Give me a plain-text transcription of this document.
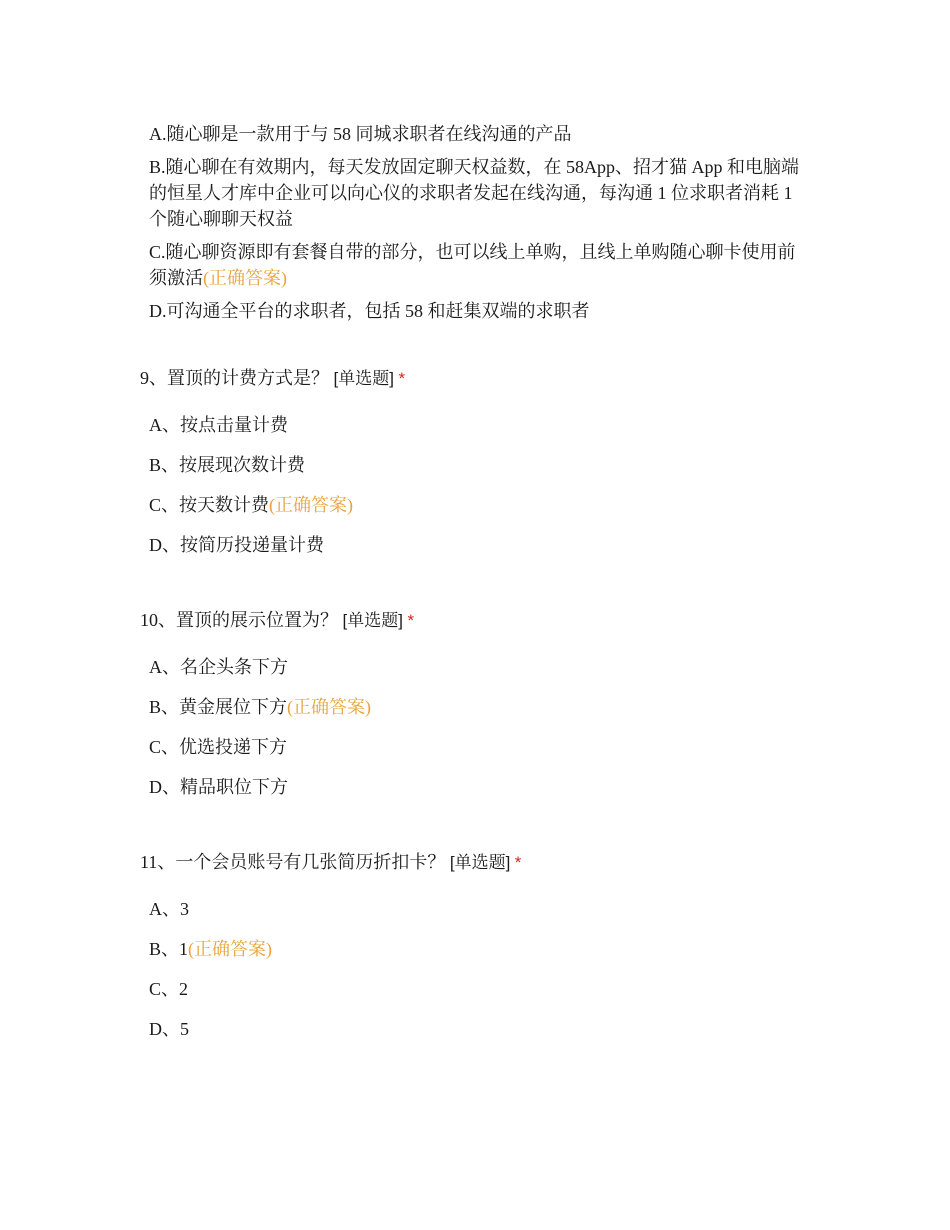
A.随心聊是一款用于与 58 同城求职者在线沟通的产品
B.随心聊在有效期内，每天发放固定聊天权益数，在 58App、招才猫 App 和电脑端的恒星人才库中企业可以向心仪的求职者发起在线沟通，每沟通 1 位求职者消耗 1 个随心聊聊天权益
C.随心聊资源即有套餐自带的部分，也可以线上单购，且线上单购随心聊卡使用前须激活(正确答案)
D.可沟通全平台的求职者，包括 58 和赶集双端的求职者
9、置顶的计费方式是？ [单选题] *
A、按点击量计费
B、按展现次数计费
C、按天数计费(正确答案)
D、按简历投递量计费
10、置顶的展示位置为？ [单选题] *
A、名企头条下方
B、黄金展位下方(正确答案)
C、优选投递下方
D、精品职位下方
11、一个会员账号有几张简历折扣卡？ [单选题] *
A、3
B、1(正确答案)
C、2
D、5
